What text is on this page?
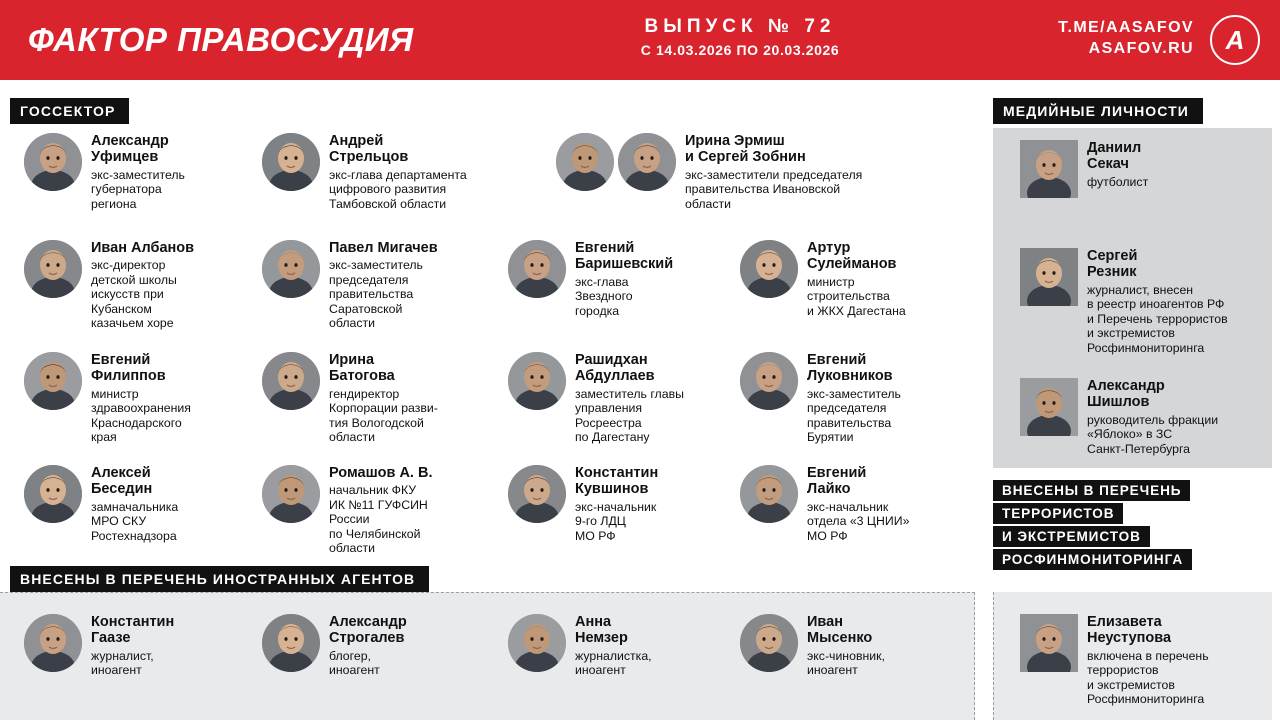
ФАКТОР ПРАВОСУДИЯ	ВЫПУСК № 72
С 14.03.2026 ПО 20.03.2026
T.ME/AASAFOV
ASAFOV.RU A
ГОССЕКТОР
Александр
Уфимцев
экс-заместитель
губернатора
региона
Андрей
Стрельцов
экс-глава департамента
цифрового развития
Тамбовской области
Ирина Эрмиш
и Сергей Зобнин
экс-заместители председателя
правительства Ивановской
области
Иван Албанов
экс-директор
детской школы
искусств при
Кубанском
казачьем хоре
Павел Мигачев
экс-заместитель
председателя
правительства
Саратовской
области
Евгений
Баришевский
экс-глава
Звездного
городка
Артур
Сулейманов
министр
строительства
и ЖКХ Дагестана
Евгений
Филиппов
министр
здравоохранения
Краснодарского
края
Ирина
Батогова
гендиректор
Корпорации разви-
тия Вологодской
области
Рашидхан
Абдуллаев
заместитель главы
управления
Росреестра
по Дагестану
Евгений
Луковников
экс-заместитель
председателя
правительства
Бурятии
Алексей
Беседин
замначальника
МРО СКУ
Ростехнадзора
Ромашов А. В.
начальник ФКУ
ИК №11 ГУФСИН
России
по Челябинской
области
Константин
Кувшинов
экс-начальник
9-го ЛДЦ
МО РФ
Евгений
Лайко
экс-начальник
отдела «3 ЦНИИ»
МО РФ
ВНЕСЕНЫ В ПЕРЕЧЕНЬ ИНОСТРАННЫХ АГЕНТОВ
Константин
Гаазе
журналист,
иноагент
Александр
Строгалев
блогер,
иноагент
Анна
Немзер
журналистка,
иноагент
Иван
Мысенко
экс-чиновник,
иноагент
МЕДИЙНЫЕ ЛИЧНОСТИ
Даниил
Секач
футболист
Сергей
Резник
журналист, внесен
в реестр иноагентов РФ
и Перечень террористов
и экстремистов
Росфинмониторинга
Александр
Шишлов
руководитель фракции
«Яблоко» в ЗС
Санкт-Петербурга
ВНЕСЕНЫ В ПЕРЕЧЕНЬ
ТЕРРОРИСТОВ
И ЭКСТРЕМИСТОВ
РОСФИНМОНИТОРИНГА
Елизавета
Неуступова
включена в перечень
террористов
и экстремистов
Росфинмониторинга
